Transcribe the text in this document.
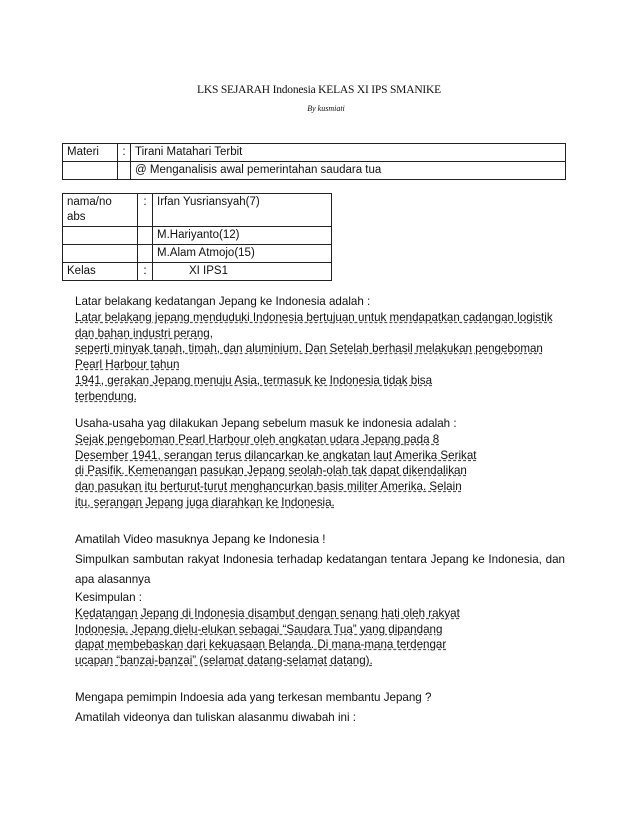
LKS SEJARAH Indonesia KELAS XI IPS SMANIKE
By kusmiati
Materi	:	Tirani Matahari Terbit
		@ Menganalisis awal pemerintahan saudara tua
nama/no abs	:	Irfan Yusriansyah(7)
		M.Hariyanto(12)
		M.Alam Atmojo(15)
Kelas	:	XI IPS1

Latar belakang kedatangan Jepang ke Indonesia adalah :

Latar belakang jepang menduduki Indonesia bertujuan untuk mendapatkan cadangan logistik
dan bahan industri perang,
seperti minyak tanah, timah, dan aluminium. Dan Setelah berhasil melakukan pengeboman
Pearl Harbour tahun
1941, gerakan Jepang menuju Asia, termasuk ke Indonesia tidak bisa
terbendung.

Usaha-usaha yag dilakukan Jepang sebelum masuk ke indonesia adalah :

Sejak pengeboman Pearl Harbour oleh angkatan udara Jepang pada 8
Desember 1941, serangan terus dilancarkan ke angkatan laut Amerika Serikat
di Pasifik. Kemenangan pasukan Jepang seolah-olah tak dapat dikendalikan
dan pasukan itu berturut-turut menghancurkan basis militer Amerika. Selain
itu, serangan Jepang juga diarahkan ke Indonesia.

Amatilah Video masuknya Jepang ke Indonesia !

Simpulkan sambutan rakyat Indonesia terhadap kedatangan tentara Jepang ke Indonesia, dan apa alasannya

Kesimpulan :

Kedatangan Jepang di Indonesia disambut dengan senang hati oleh rakyat
Indonesia. Jepang dielu-elukan sebagai “Saudara Tua” yang dipandang
dapat membebaskan dari kekuasaan Belanda. Di mana-mana terdengar
ucapan “banzai-banzai” (selamat datang-selamat datang).

Mengapa pemimpin Indoesia ada yang terkesan membantu Jepang ?

Amatilah videonya dan tuliskan alasanmu diwabah ini :
